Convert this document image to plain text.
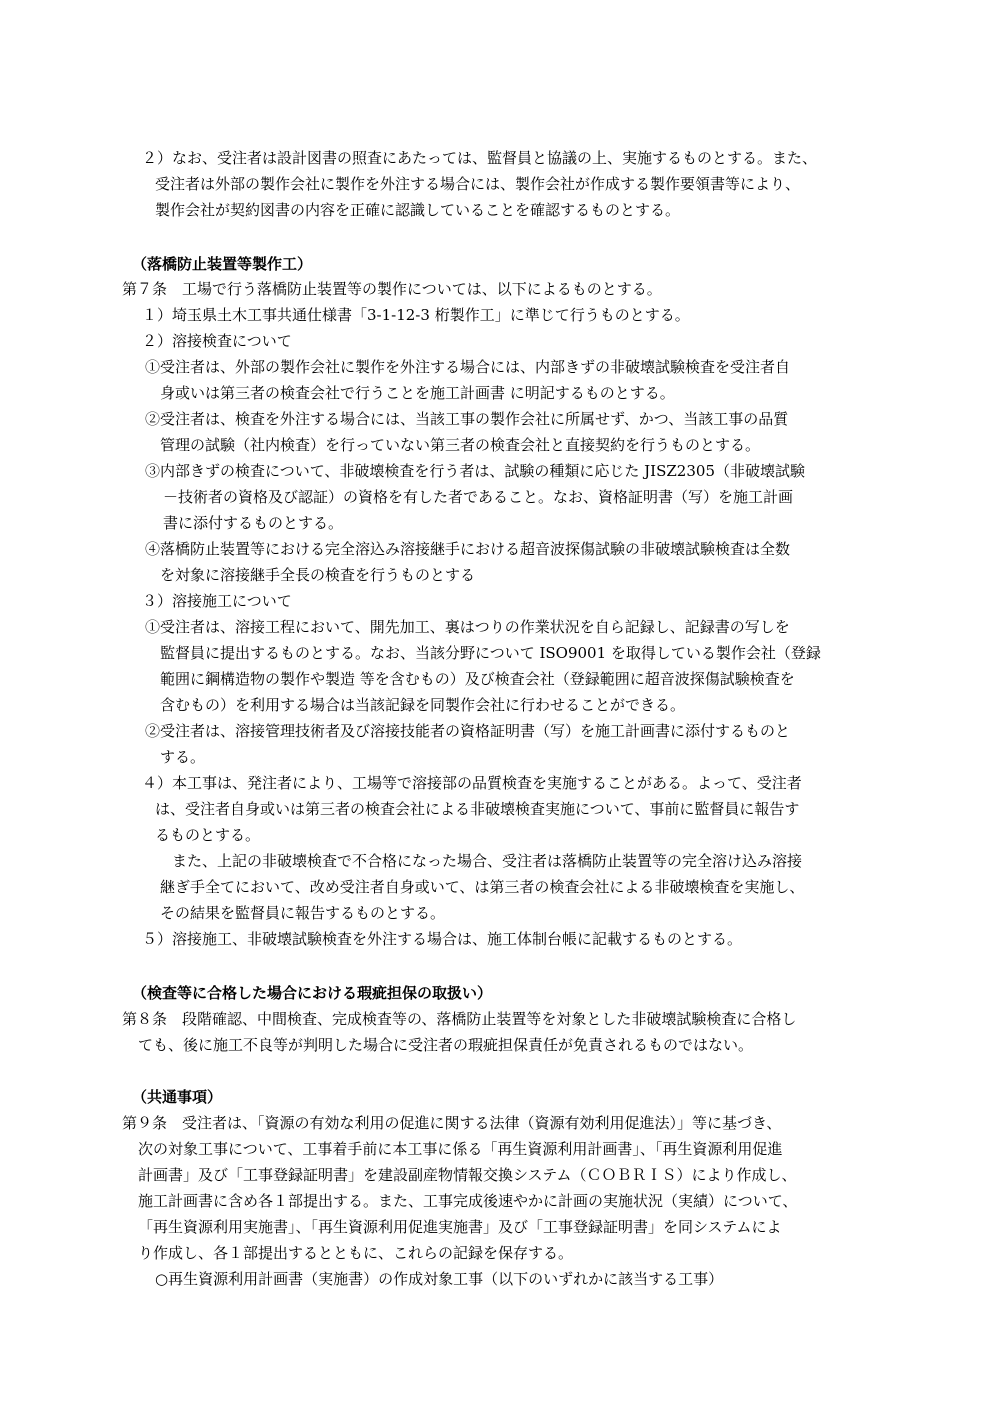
２）なお、受注者は設計図書の照査にあたっては、監督員と協議の上、実施するものとする。また、
受注者は外部の製作会社に製作を外注する場合には、製作会社が作成する製作要領書等により、
製作会社が契約図書の内容を正確に認識していることを確認するものとする。
（落橋防止装置等製作工）
第７条　工場で行う落橋防止装置等の製作については、以下によるものとする。
１）埼玉県土木工事共通仕様書「3-1-12-3 桁製作工」に準じて行うものとする。
２）溶接検査について
①受注者は、外部の製作会社に製作を外注する場合には、内部きずの非破壊試験検査を受注者自
身或いは第三者の検査会社で行うことを施工計画書 に明記するものとする。
②受注者は、検査を外注する場合には、当該工事の製作会社に所属せず、かつ、当該工事の品質
管理の試験（社内検査）を行っていない第三者の検査会社と直接契約を行うものとする。
③内部きずの検査について、非破壊検査を行う者は、試験の種類に応じた JISZ2305（非破壊試験
－技術者の資格及び認証）の資格を有した者であること。なお、資格証明書（写）を施工計画
書に添付するものとする。
④落橋防止装置等における完全溶込み溶接継手における超音波探傷試験の非破壊試験検査は全数
を対象に溶接継手全長の検査を行うものとする
３）溶接施工について
①受注者は、溶接工程において、開先加工、裏はつりの作業状況を自ら記録し、記録書の写しを
監督員に提出するものとする。なお、当該分野について ISO9001 を取得している製作会社（登録
範囲に鋼構造物の製作や製造 等を含むもの）及び検査会社（登録範囲に超音波探傷試験検査を
含むもの）を利用する場合は当該記録を同製作会社に行わせることができる。
②受注者は、溶接管理技術者及び溶接技能者の資格証明書（写）を施工計画書に添付するものと
する。
４）本工事は、発注者により、工場等で溶接部の品質検査を実施することがある。よって、受注者
は、受注者自身或いは第三者の検査会社による非破壊検査実施について、事前に監督員に報告す
るものとする。
また、上記の非破壊検査で不合格になった場合、受注者は落橋防止装置等の完全溶け込み溶接
継ぎ手全てにおいて、改め受注者自身或いて、は第三者の検査会社による非破壊検査を実施し、
その結果を監督員に報告するものとする。
５）溶接施工、非破壊試験検査を外注する場合は、施工体制台帳に記載するものとする。
（検査等に合格した場合における瑕疵担保の取扱い）
第８条　段階確認、中間検査、完成検査等の、落橋防止装置等を対象とした非破壊試験検査に合格し
ても、後に施工不良等が判明した場合に受注者の瑕疵担保責任が免責されるものではない。
（共通事項）
第９条　受注者は、「資源の有効な利用の促進に関する法律（資源有効利用促進法）」等に基づき、
次の対象工事について、工事着手前に本工事に係る「再生資源利用計画書」、「再生資源利用促進
計画書」及び「工事登録証明書」を建設副産物情報交換システム（ＣＯＢＲＩＳ）により作成し、
施工計画書に含め各１部提出する。また、工事完成後速やかに計画の実施状況（実績）について、
「再生資源利用実施書」、「再生資源利用促進実施書」及び「工事登録証明書」を同システムによ
り作成し、各１部提出するとともに、これらの記録を保存する。
○再生資源利用計画書（実施書）の作成対象工事（以下のいずれかに該当する工事）
